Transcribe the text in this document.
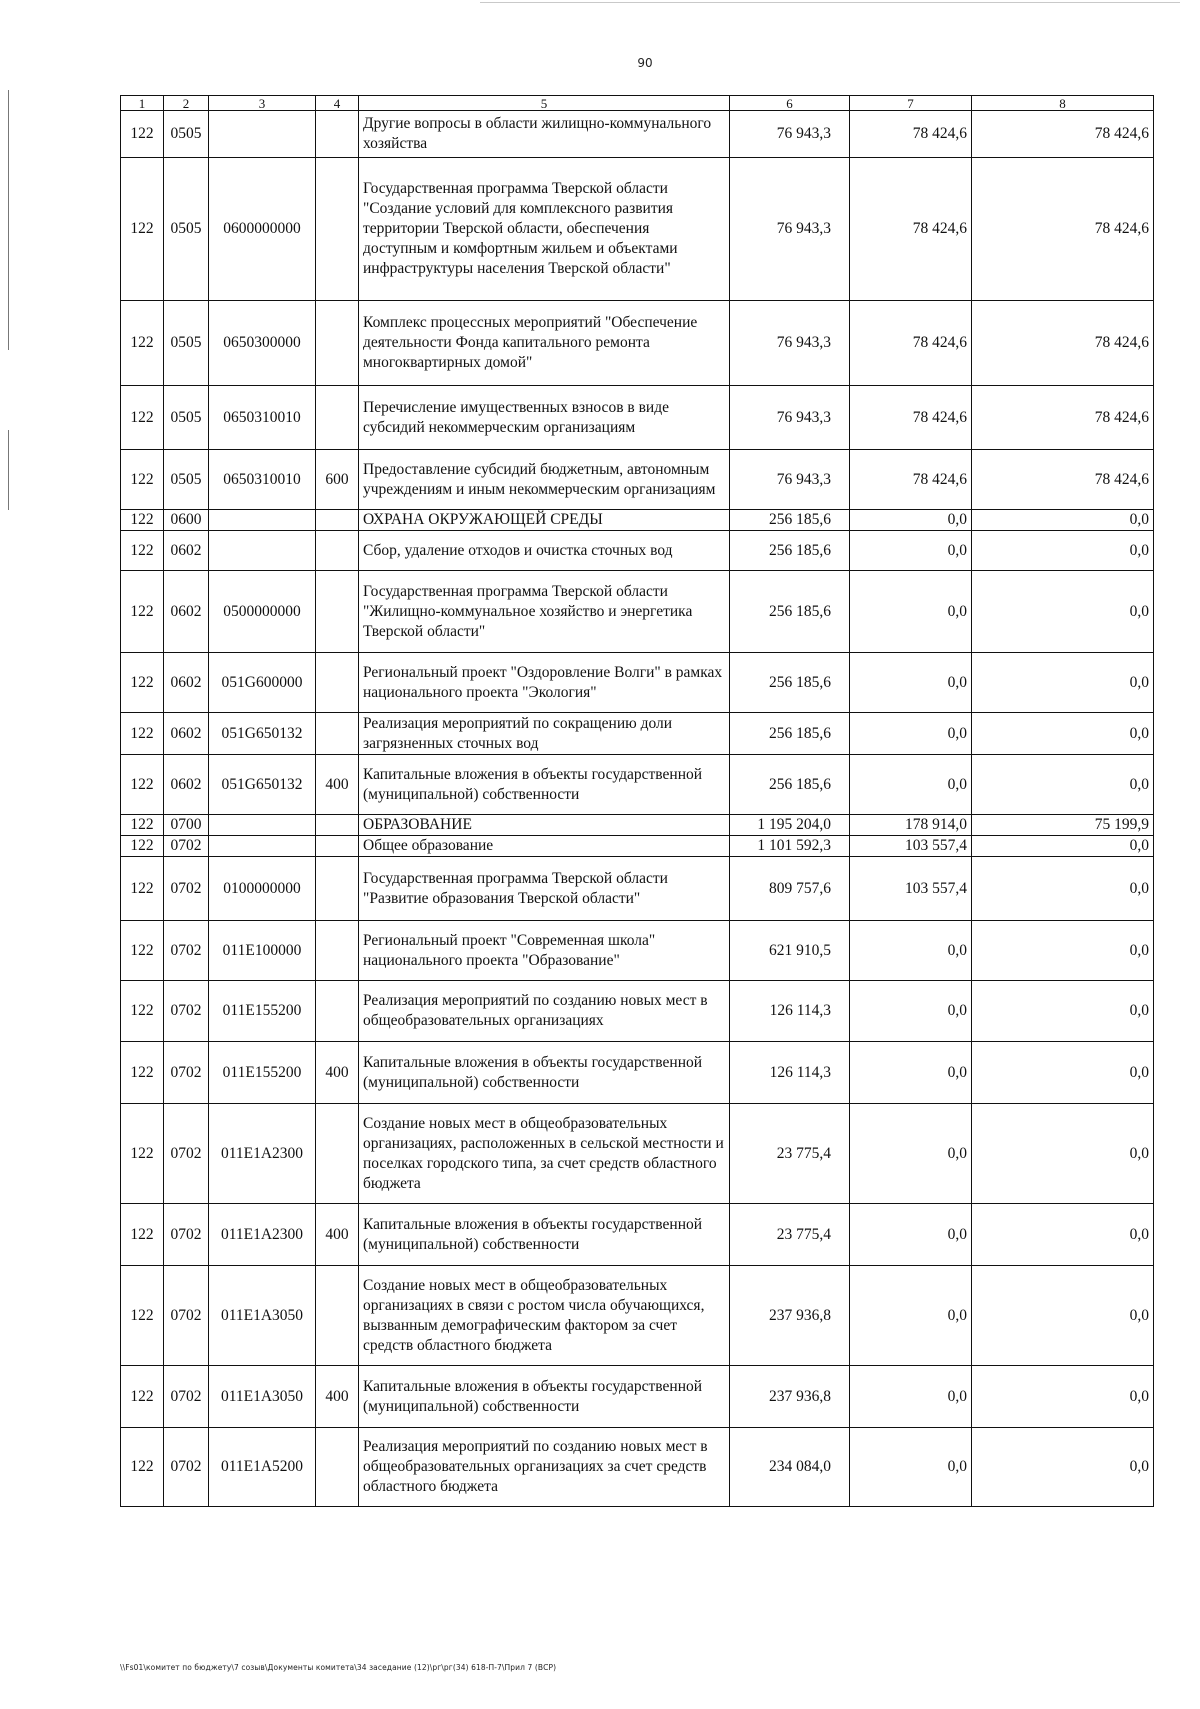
90
1	2	3	4	5	6	7	8
122	0505			Другие вопросы в области жилищно-коммунального хозяйства	76 943,3	78 424,6	78 424,6
122	0505	0600000000		Государственная программа Тверской области "Создание условий для комплексного развития территории Тверской области, обеспечения доступным и комфортным жильем и объектами инфраструктуры населения Тверской области"	76 943,3	78 424,6	78 424,6
122	0505	0650300000		Комплекс процессных мероприятий "Обеспечение деятельности Фонда капитального ремонта многоквартирных домой"	76 943,3	78 424,6	78 424,6
122	0505	0650310010		Перечисление имущественных взносов в виде субсидий некоммерческим организациям	76 943,3	78 424,6	78 424,6
122	0505	0650310010	600	Предоставление субсидий бюджетным, автономным учреждениям и иным некоммерческим организациям	76 943,3	78 424,6	78 424,6
122	0600			ОХРАНА ОКРУЖАЮЩЕЙ СРЕДЫ	256 185,6	0,0	0,0
122	0602			Сбор, удаление отходов и очистка сточных вод	256 185,6	0,0	0,0
122	0602	0500000000		Государственная программа Тверской области "Жилищно-коммунальное хозяйство и энергетика Тверской области"	256 185,6	0,0	0,0
122	0602	051G600000		Региональный проект "Оздоровление Волги" в рамках национального проекта "Экология"	256 185,6	0,0	0,0
122	0602	051G650132		Реализация мероприятий по сокращению доли загрязненных сточных вод	256 185,6	0,0	0,0
122	0602	051G650132	400	Капитальные вложения в объекты государственной (муниципальной) собственности	256 185,6	0,0	0,0
122	0700			ОБРАЗОВАНИЕ	1 195 204,0	178 914,0	75 199,9
122	0702			Общее образование	1 101 592,3	103 557,4	0,0
122	0702	0100000000		Государственная программа Тверской области "Развитие образования Тверской области"	809 757,6	103 557,4	0,0
122	0702	011E100000		Региональный проект "Современная школа" национального проекта "Образование"	621 910,5	0,0	0,0
122	0702	011E155200		Реализация мероприятий по созданию новых мест в общеобразовательных организациях	126 114,3	0,0	0,0
122	0702	011E155200	400	Капитальные вложения в объекты государственной (муниципальной) собственности	126 114,3	0,0	0,0
122	0702	011E1A2300		Создание новых мест в общеобразовательных организациях, расположенных в сельской местности и поселках городского типа, за счет средств областного бюджета	23 775,4	0,0	0,0
122	0702	011E1A2300	400	Капитальные вложения в объекты государственной (муниципальной) собственности	23 775,4	0,0	0,0
122	0702	011E1A3050		Создание новых мест в общеобразовательных организациях в связи с ростом числа обучающихся, вызванным демографическим фактором за счет средств областного бюджета	237 936,8	0,0	0,0
122	0702	011E1A3050	400	Капитальные вложения в объекты государственной (муниципальной) собственности	237 936,8	0,0	0,0
122	0702	011E1A5200		Реализация мероприятий по созданию новых мест в общеобразовательных организациях за счет средств областного бюджета	234 084,0	0,0	0,0
\\Fs01\комитет по бюджету\7 созыв\Документы комитета\34 заседание (12)\рг\рг(34) 618-П-7\Прил 7 (ВСР)
